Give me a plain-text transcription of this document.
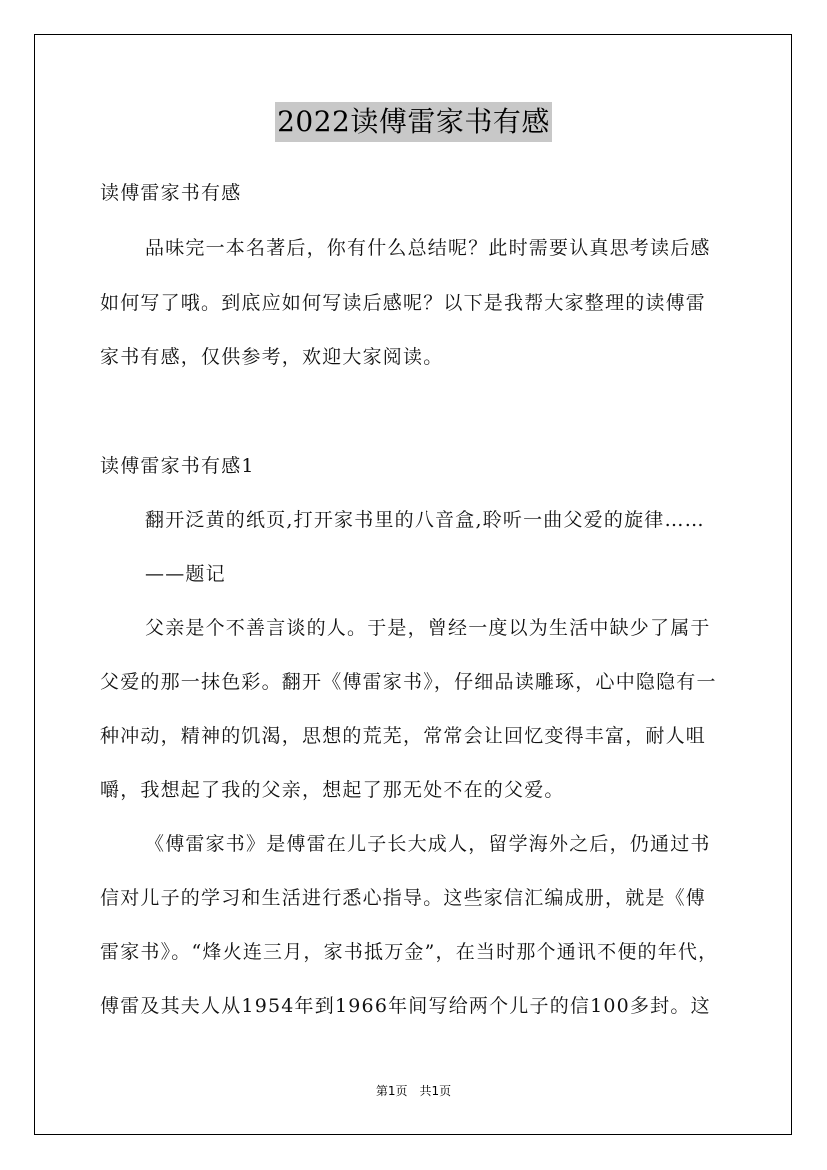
2022读傅雷家书有感
读傅雷家书有感
品味完一本名著后，你有什么总结呢？此时需要认真思考读后感
如何写了哦。到底应如何写读后感呢？以下是我帮大家整理的读傅雷
家书有感，仅供参考，欢迎大家阅读。
读傅雷家书有感1
翻开泛黄的纸页,打开家书里的八音盒,聆听一曲父爱的旋律……
——题记
父亲是个不善言谈的人。于是，曾经一度以为生活中缺少了属于
父爱的那一抹色彩。翻开《傅雷家书》，仔细品读雕琢，心中隐隐有一
种冲动，精神的饥渴，思想的荒芜，常常会让回忆变得丰富，耐人咀
嚼，我想起了我的父亲，想起了那无处不在的父爱。
《傅雷家书》是傅雷在儿子长大成人，留学海外之后，仍通过书
信对儿子的学习和生活进行悉心指导。这些家信汇编成册，就是《傅
雷家书》。“烽火连三月，家书抵万金”，在当时那个通讯不便的年代，
傅雷及其夫人从1954年到1966年间写给两个儿子的信100多封。这
第1页　共1页
